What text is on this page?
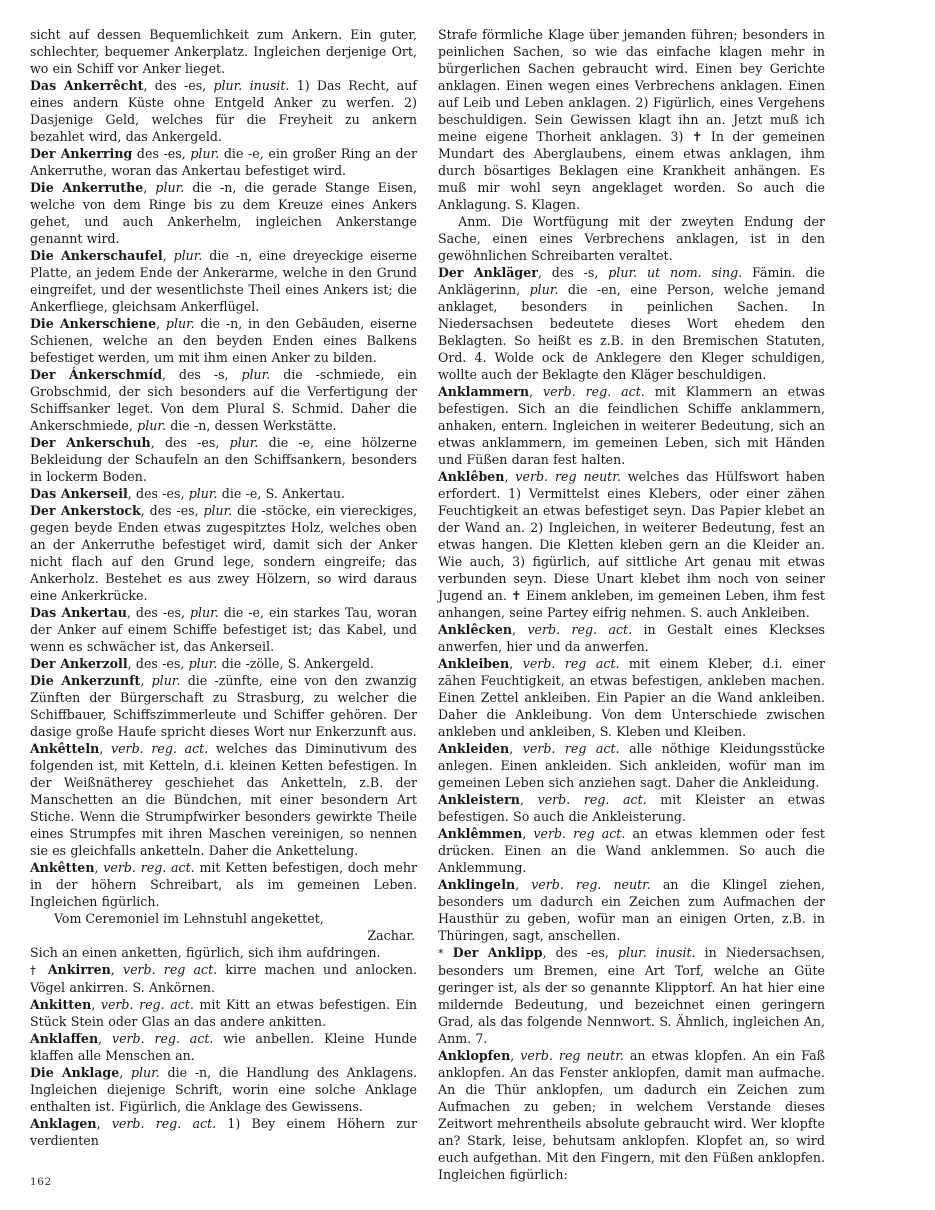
sicht auf dessen Bequemlichkeit zum Ankern. Ein guter, schlechter, bequemer Ankerplatz. Ingleichen derjenige Ort, wo ein Schiff vor Anker lieget.

Das Ankerrêcht, des -es, plur. inusit. 1) Das Recht, auf eines andern Küste ohne Entgeld Anker zu werfen. 2) Dasjenige Geld, welches für die Freyheit zu ankern bezahlet wird, das Ankergeld.

Der Ankerring des -es, plur. die -e, ein großer Ring an der Ankerruthe, woran das Ankertau befestiget wird.

Die Ankerruthe, plur. die -n, die gerade Stange Eisen, welche von dem Ringe bis zu dem Kreuze eines Ankers gehet, und auch Ankerhelm, ingleichen Ankerstange genannt wird.

Die Ankerschaufel, plur. die -n, eine dreyeckige eiserne Platte, an jedem Ende der Ankerarme, welche in den Grund eingreifet, und der wesentlichste Theil eines Ankers ist; die Ankerfliege, gleichsam Ankerflügel.

Die Ankerschiene, plur. die -n, in den Gebäuden, eiserne Schienen, welche an den beyden Enden eines Balkens befestiget werden, um mit ihm einen Anker zu bilden.

Der Ánkerschmíd, des -s, plur. die -schmiede, ein Grobschmid, der sich besonders auf die Verfertigung der Schiffsanker leget. Von dem Plural S. Schmid. Daher die Ankerschmiede, plur. die -n, dessen Werkstätte.

Der Ankerschuh, des -es, plur. die -e, eine hölzerne Bekleidung der Schaufeln an den Schiffsankern, besonders in lockerm Boden.

Das Ankerseil, des -es, plur. die -e, S. Ankertau.

Der Ankerstock, des -es, plur. die -stöcke, ein viereckiges, gegen beyde Enden etwas zugespitztes Holz, welches oben an der Ankerruthe befestiget wird, damit sich der Anker nicht flach auf den Grund lege, sondern eingreife; das Ankerholz. Bestehet es aus zwey Hölzern, so wird daraus eine Ankerkrücke.

Das Ankertau, des -es, plur. die -e, ein starkes Tau, woran der Anker auf einem Schiffe befestiget ist; das Kabel, und wenn es schwächer ist, das Ankerseil.

Der Ankerzoll, des -es, plur. die -zölle, S. Ankergeld.

Die Ankerzunft, plur. die -zünfte, eine von den zwanzig Zünften der Bürgerschaft zu Strasburg, zu welcher die Schiffbauer, Schiffszimmerleute und Schiffer gehören. Der dasige große Haufe spricht dieses Wort nur Enkerzunft aus.

Ankêtteln, verb. reg. act. welches das Diminutivum des folgenden ist, mit Ketteln, d.i. kleinen Ketten befestigen. In der Weißnätherey geschiehet das Anketteln, z.B. der Manschetten an die Bündchen, mit einer besondern Art Stiche. Wenn die Strumpfwirker besonders gewirkte Theile eines Strumpfes mit ihren Maschen vereinigen, so nennen sie es gleichfalls anketteln. Daher die Ankettelung.

Ankêtten, verb. reg. act. mit Ketten befestigen, doch mehr in der höhern Schreibart, als im gemeinen Leben. Ingleichen figürlich.

Vom Ceremoniel im Lehnstuhl angekettet,

Zachar.

Sich an einen anketten, figürlich, sich ihm aufdringen.

† Ankirren, verb. reg act. kirre machen und anlocken. Vögel ankirren. S. Ankörnen.

Ankitten, verb. reg. act. mit Kitt an etwas befestigen. Ein Stück Stein oder Glas an das andere ankitten.

Anklaffen, verb. reg. act. wie anbellen. Kleine Hunde klaffen alle Menschen an.

Die Anklage, plur. die -n, die Handlung des Anklagens. Ingleichen diejenige Schrift, worin eine solche Anklage enthalten ist. Figürlich, die Anklage des Gewissens.

Anklagen, verb. reg. act. 1) Bey einem Höhern zur verdienten

Strafe förmliche Klage über jemanden führen; besonders in peinlichen Sachen, so wie das einfache klagen mehr in bürgerlichen Sachen gebraucht wird. Einen bey Gerichte anklagen. Einen wegen eines Verbrechens anklagen. Einen auf Leib und Leben anklagen. 2) Figürlich, eines Vergehens beschuldigen. Sein Gewissen klagt ihn an. Jetzt muß ich meine eigene Thorheit anklagen. 3) ✝ In der gemeinen Mundart des Aberglaubens, einem etwas anklagen, ihm durch bösartiges Beklagen eine Krankheit anhängen. Es muß mir wohl seyn angeklaget worden. So auch die Anklagung. S. Klagen.

Anm. Die Wortfügung mit der zweyten Endung der Sache, einen eines Verbrechens anklagen, ist in den gewöhnlichen Schreibarten veraltet.

Der Ankläger, des -s, plur. ut nom. sing. Fämin. die Anklägerinn, plur. die -en, eine Person, welche jemand anklaget, besonders in peinlichen Sachen. In Niedersachsen bedeutete dieses Wort ehedem den Beklagten. So heißt es z.B. in den Bremischen Statuten, Ord. 4. Wolde ock de Anklegere den Kleger schuldigen, wollte auch der Beklagte den Kläger beschuldigen.

Anklammern, verb. reg. act. mit Klammern an etwas befestigen. Sich an die feindlichen Schiffe anklammern, anhaken, entern. Ingleichen in weiterer Bedeutung, sich an etwas anklammern, im gemeinen Leben, sich mit Händen und Füßen daran fest halten.

Anklêben, verb. reg neutr. welches das Hülfswort haben erfordert. 1) Vermittelst eines Klebers, oder einer zähen Feuchtigkeit an etwas befestiget seyn. Das Papier klebet an der Wand an. 2) Ingleichen, in weiterer Bedeutung, fest an etwas hangen. Die Kletten kleben gern an die Kleider an. Wie auch, 3) figürlich, auf sittliche Art genau mit etwas verbunden seyn. Diese Unart klebet ihm noch von seiner Jugend an. ✝ Einem ankleben, im gemeinen Leben, ihm fest anhangen, seine Partey eifrig nehmen. S. auch Ankleiben.

Anklêcken, verb. reg. act. in Gestalt eines Kleckses anwerfen, hier und da anwerfen.

Ankleiben, verb. reg act. mit einem Kleber, d.i. einer zähen Feuchtigkeit, an etwas befestigen, ankleben machen. Einen Zettel ankleiben. Ein Papier an die Wand ankleiben. Daher die Ankleibung. Von dem Unterschiede zwischen ankleben und ankleiben, S. Kleben und Kleiben.

Ankleiden, verb. reg act. alle nöthige Kleidungsstücke anlegen. Einen ankleiden. Sich ankleiden, wofür man im gemeinen Leben sich anziehen sagt. Daher die Ankleidung.

Ankleistern, verb. reg. act. mit Kleister an etwas befestigen. So auch die Ankleisterung.

Anklêmmen, verb. reg act. an etwas klemmen oder fest drücken. Einen an die Wand anklemmen. So auch die Anklemmung.

Anklingeln, verb. reg. neutr. an die Klingel ziehen, besonders um dadurch ein Zeichen zum Aufmachen der Hausthür zu geben, wofür man an einigen Orten, z.B. in Thüringen, sagt, anschellen.

* Der Anklipp, des -es, plur. inusit. in Niedersachsen, besonders um Bremen, eine Art Torf, welche an Güte geringer ist, als der so genannte Klipptorf. An hat hier eine mildernde Bedeutung, und bezeichnet einen geringern Grad, als das folgende Nennwort. S. Ähnlich, ingleichen An, Anm. 7.

Anklopfen, verb. reg neutr. an etwas klopfen. An ein Faß anklopfen. An das Fenster anklopfen, damit man aufmache. An die Thür anklopfen, um dadurch ein Zeichen zum Aufmachen zu geben; in welchem Verstande dieses Zeitwort mehrentheils absolute gebraucht wird. Wer klopfte an? Stark, leise, behutsam anklopfen. Klopfet an, so wird euch aufgethan. Mit den Fingern, mit den Füßen anklopfen. Ingleichen figürlich:

162
